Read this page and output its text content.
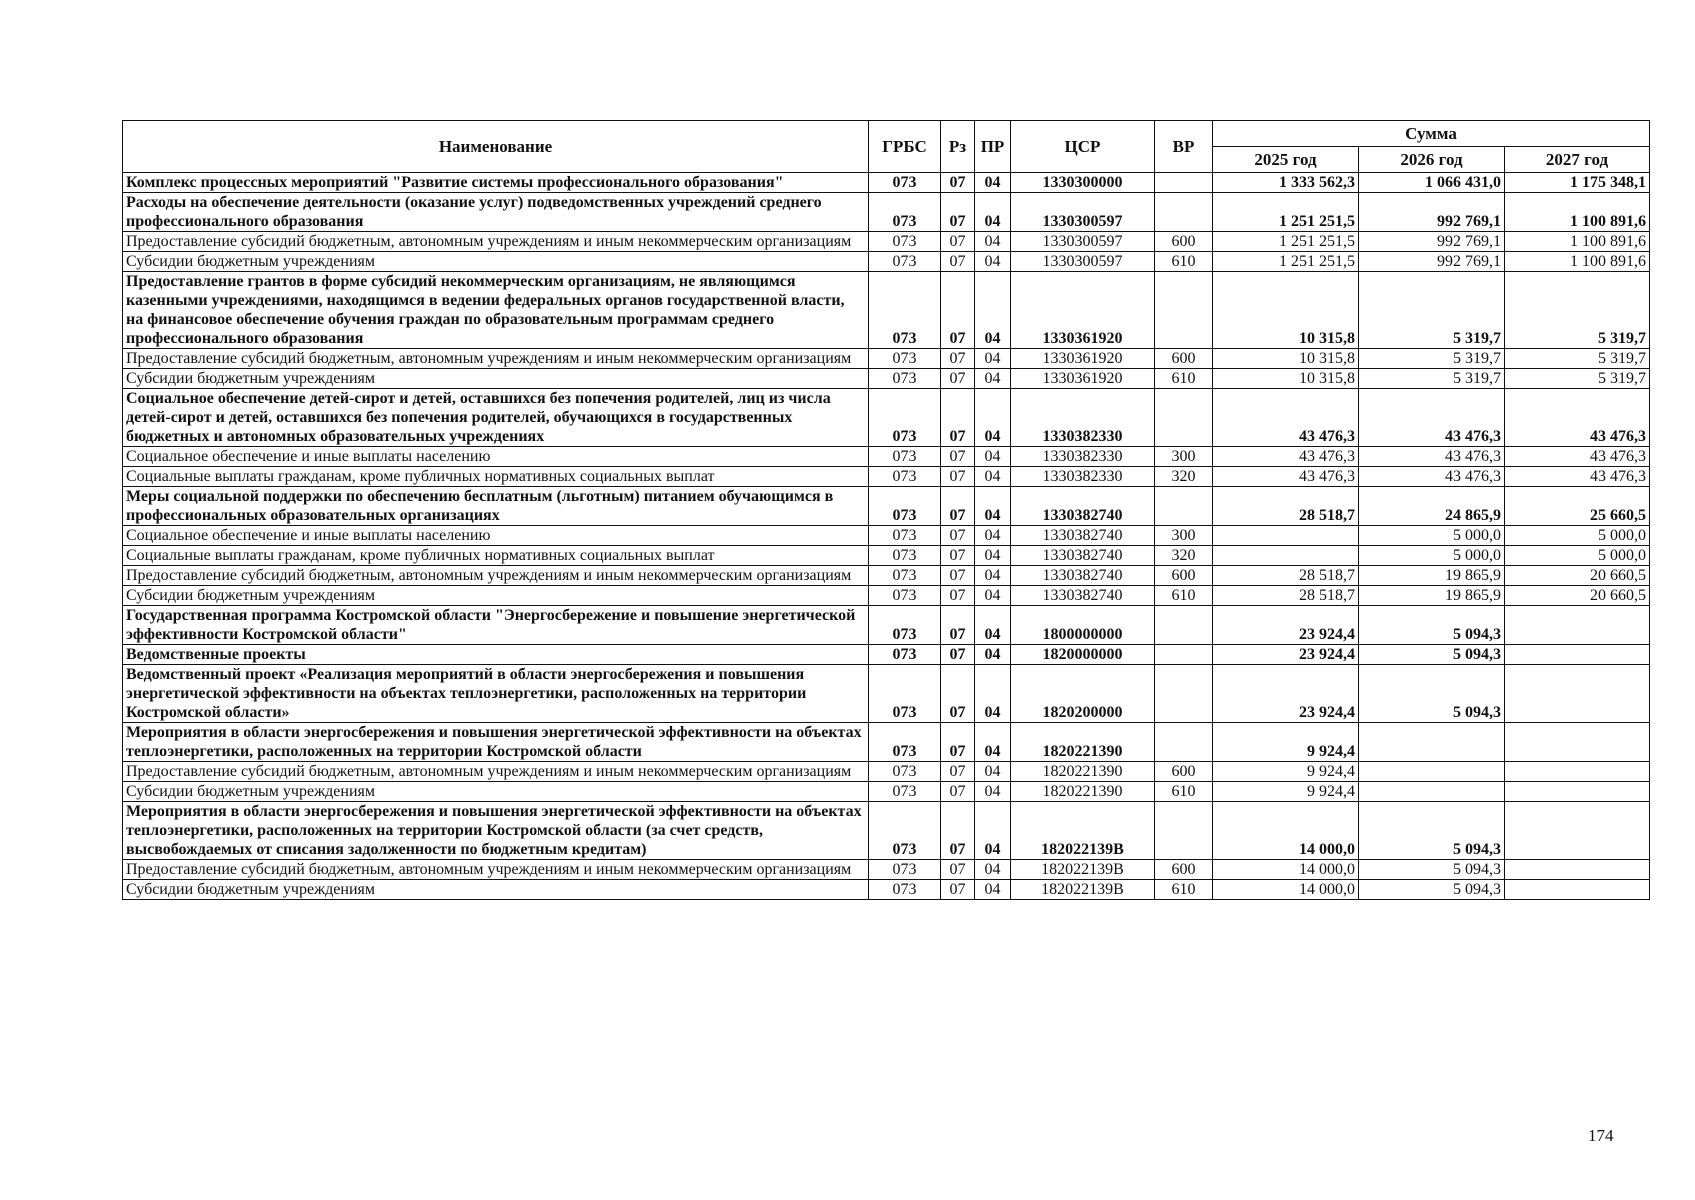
Наименование	ГРБС	Рз	ПР	ЦСР	ВР	Сумма		
						2025 год	2026 год	2027 год
Комплекс процессных мероприятий "Развитие системы профессионального образования"	073	07	04	1330300000		1 333 562,3	1 066 431,0	1 175 348,1
Расходы на обеспечение деятельности (оказание услуг) подведомственных учреждений среднего профессионального образования	073	07	04	1330300597		1 251 251,5	992 769,1	1 100 891,6
Предоставление субсидий бюджетным, автономным учреждениям и иным некоммерческим организациям	073	07	04	1330300597	600	1 251 251,5	992 769,1	1 100 891,6
Субсидии бюджетным учреждениям	073	07	04	1330300597	610	1 251 251,5	992 769,1	1 100 891,6
Предоставление грантов в форме субсидий некоммерческим организациям, не являющимся казенными учреждениями, находящимся в ведении федеральных органов государственной власти, на финансовое обеспечение обучения граждан по образовательным программам среднего профессионального образования	073	07	04	1330361920		10 315,8	5 319,7	5 319,7
Предоставление субсидий бюджетным, автономным учреждениям и иным некоммерческим организациям	073	07	04	1330361920	600	10 315,8	5 319,7	5 319,7
Субсидии бюджетным учреждениям	073	07	04	1330361920	610	10 315,8	5 319,7	5 319,7
Социальное обеспечение детей-сирот и детей, оставшихся без попечения родителей, лиц из числа детей-сирот и детей, оставшихся без попечения родителей, обучающихся в государственных бюджетных и автономных образовательных учреждениях	073	07	04	1330382330		43 476,3	43 476,3	43 476,3
Социальное обеспечение и иные выплаты населению	073	07	04	1330382330	300	43 476,3	43 476,3	43 476,3
Социальные выплаты гражданам, кроме публичных нормативных социальных выплат	073	07	04	1330382330	320	43 476,3	43 476,3	43 476,3
Меры социальной поддержки по обеспечению бесплатным (льготным) питанием обучающимся в профессиональных образовательных организациях	073	07	04	1330382740		28 518,7	24 865,9	25 660,5
Социальное обеспечение и иные выплаты населению	073	07	04	1330382740	300		5 000,0	5 000,0
Социальные выплаты гражданам, кроме публичных нормативных социальных выплат	073	07	04	1330382740	320		5 000,0	5 000,0
Предоставление субсидий бюджетным, автономным учреждениям и иным некоммерческим организациям	073	07	04	1330382740	600	28 518,7	19 865,9	20 660,5
Субсидии бюджетным учреждениям	073	07	04	1330382740	610	28 518,7	19 865,9	20 660,5
Государственная программа Костромской области "Энергосбережение и повышение энергетической эффективности Костромской области"	073	07	04	1800000000		23 924,4	5 094,3	
Ведомственные проекты	073	07	04	1820000000		23 924,4	5 094,3	
Ведомственный проект «Реализация мероприятий в области энергосбережения и повышения энергетической эффективности на объектах теплоэнергетики, расположенных на территории Костромской области»	073	07	04	1820200000		23 924,4	5 094,3	
Мероприятия в области энергосбережения и повышения энергетической эффективности на объектах теплоэнергетики, расположенных на территории Костромской области	073	07	04	1820221390		9 924,4		
Предоставление субсидий бюджетным, автономным учреждениям и иным некоммерческим организациям	073	07	04	1820221390	600	9 924,4		
Субсидии бюджетным учреждениям	073	07	04	1820221390	610	9 924,4		
Мероприятия в области энергосбережения и повышения энергетической эффективности на объектах теплоэнергетики, расположенных на территории Костромской области (за счет средств, высвобождаемых от списания задолженности по бюджетным кредитам)	073	07	04	182022139В		14 000,0	5 094,3	
Предоставление субсидий бюджетным, автономным учреждениям и иным некоммерческим организациям	073	07	04	182022139В	600	14 000,0	5 094,3	
Субсидии бюджетным учреждениям	073	07	04	182022139В	610	14 000,0	5 094,3	
174
